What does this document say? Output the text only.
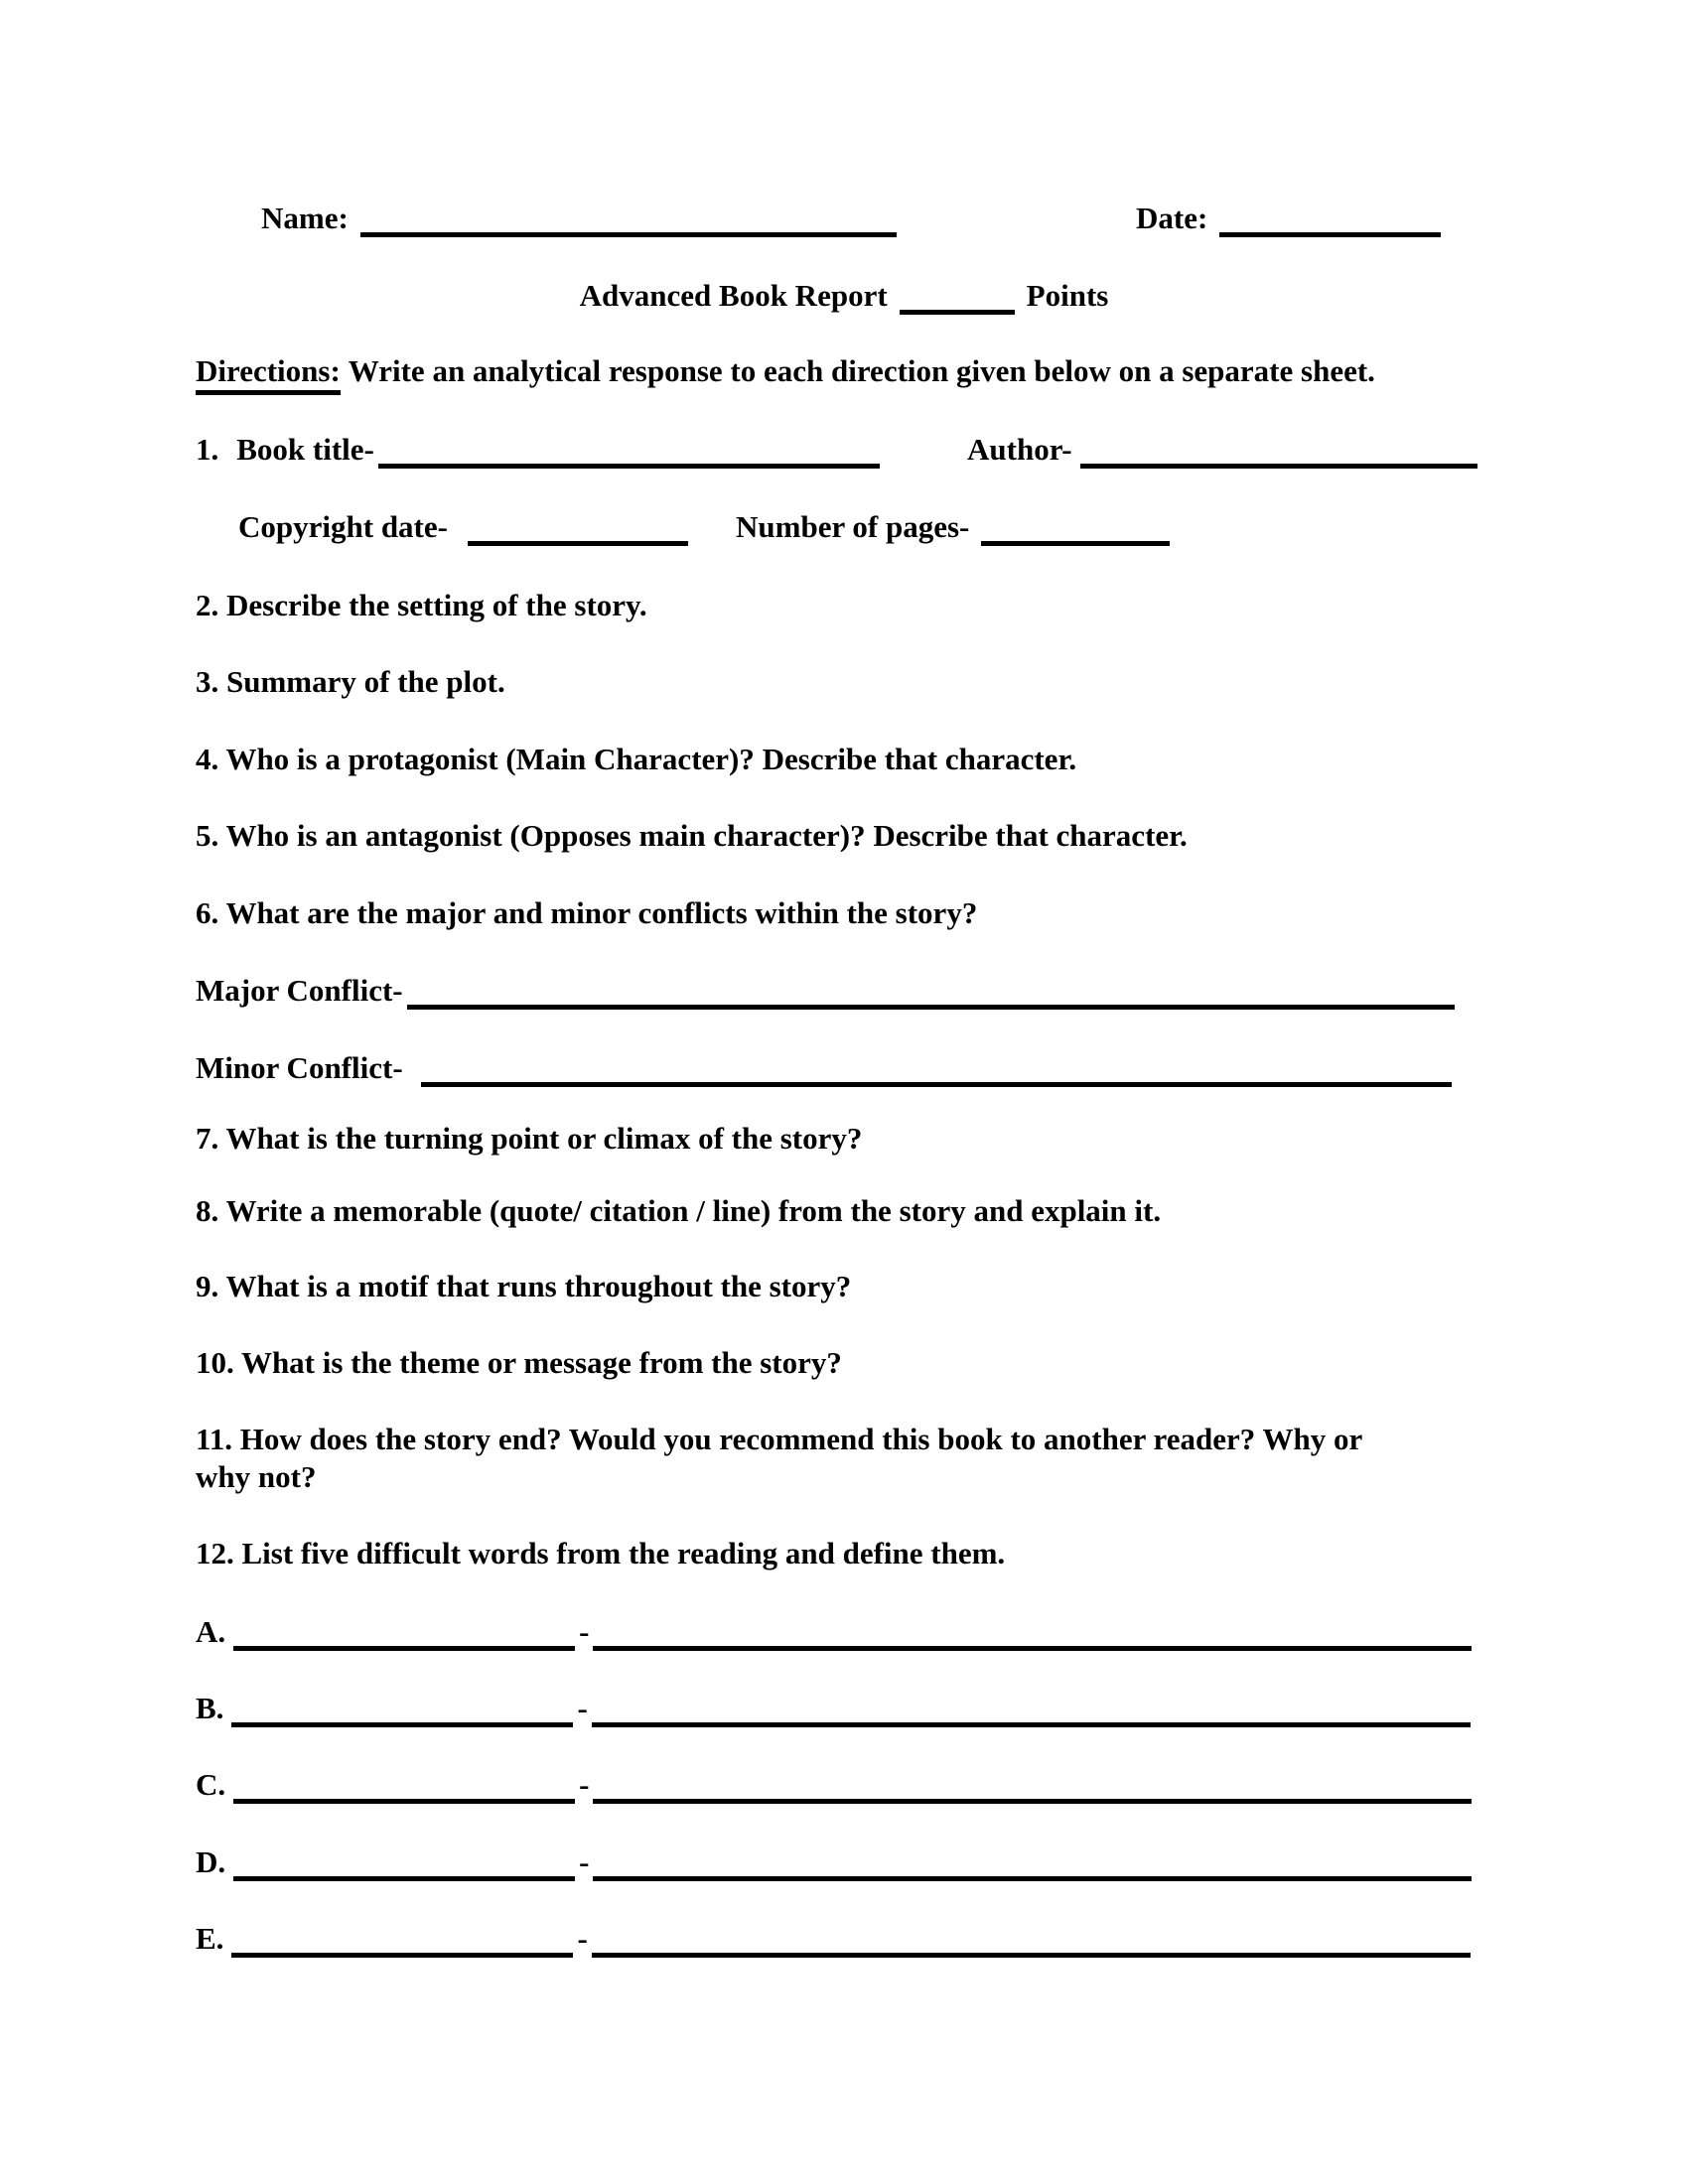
Name:	Date:
Advanced Book Report	Points
Directions: Write an analytical response to each direction given below on a separate sheet.
1. Book title-	Author-
Copyright date-	Number of pages-
2. Describe the setting of the story.
3. Summary of the plot.
4. Who is a protagonist (Main Character)? Describe that character.
5. Who is an antagonist (Opposes main character)? Describe that character.
6. What are the major and minor conflicts within the story?
Major Conflict-
Minor Conflict-
7. What is the turning point or climax of the story?
8. Write a memorable (quote/ citation / line) from the story and explain it.
9. What is a motif that runs throughout the story?
10. What is the theme or message from the story?
11. How does the story end? Would you recommend this book to another reader? Why or
why not?
12. List five difficult words from the reading and define them.
A.	-
B.	-
C.	-
D.	-
E.	-
